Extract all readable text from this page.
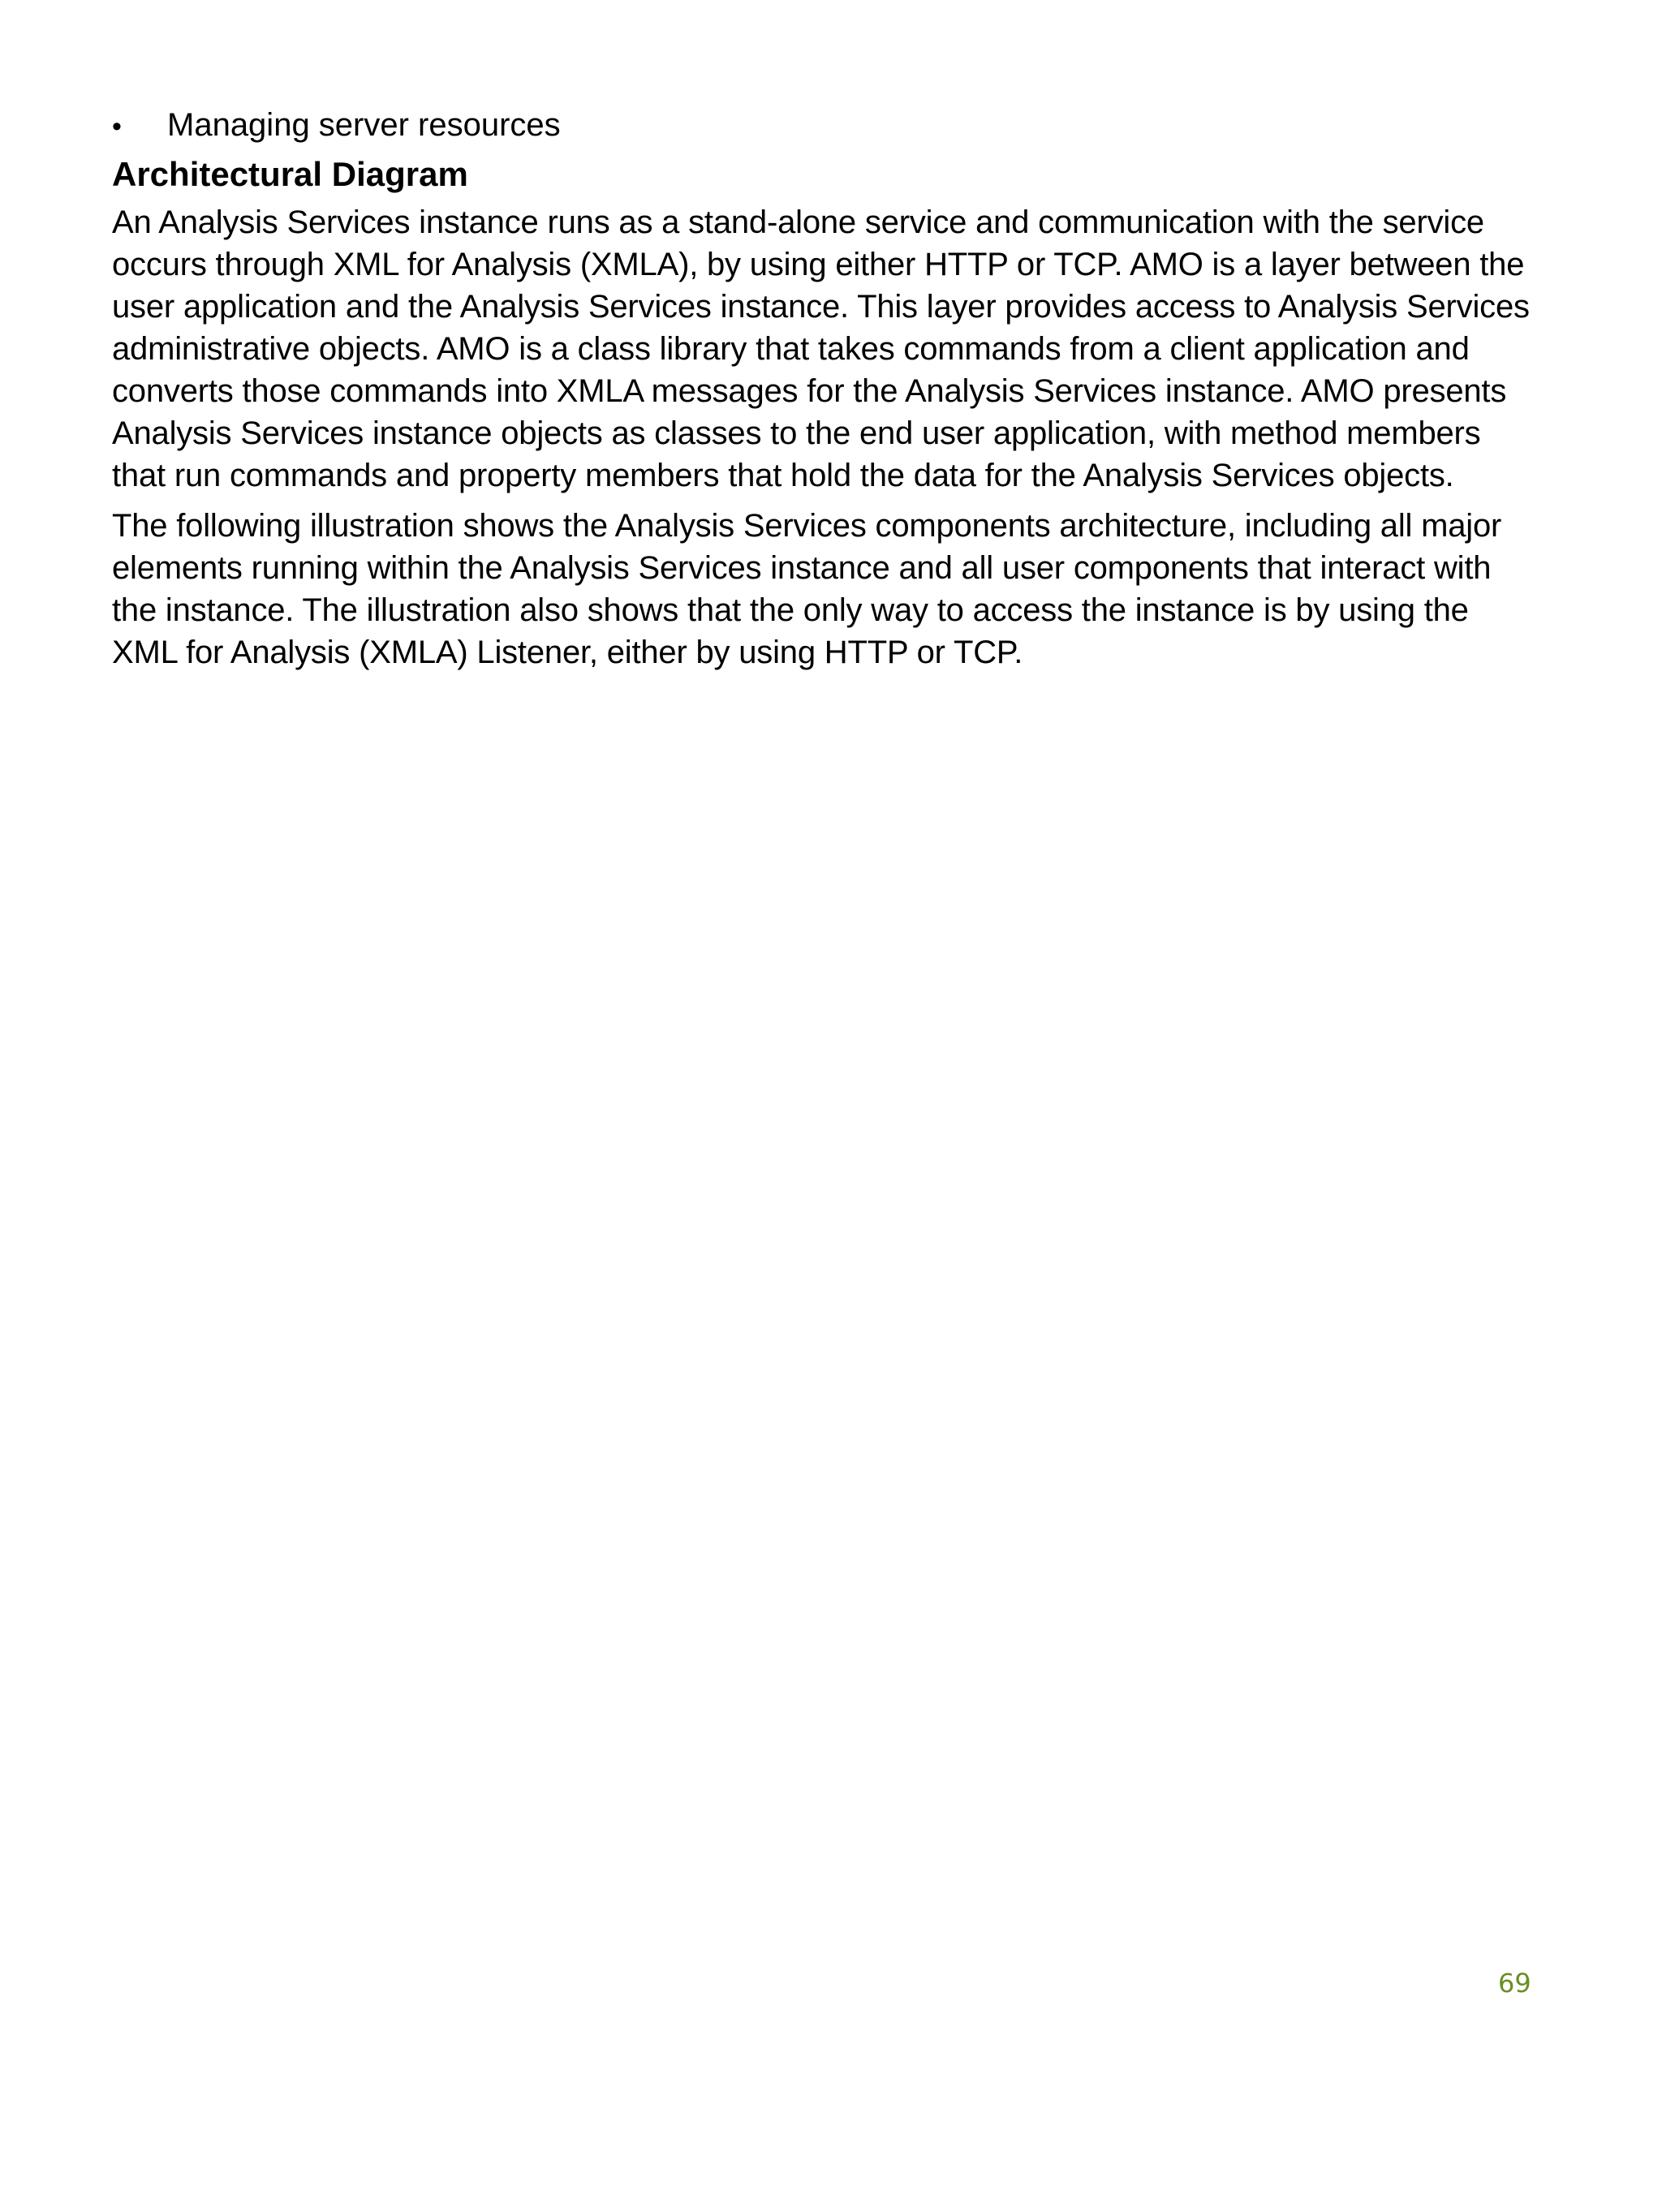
•	Managing server resources
Architectural Diagram

An Analysis Services instance runs as a stand-alone service and communication with the service occurs through XML for Analysis (XMLA), by using either HTTP or TCP. AMO is a layer between the user application and the Analysis Services instance. This layer provides access to Analysis Services administrative objects. AMO is a class library that takes commands from a client application and converts those commands into XMLA messages for the Analysis Services instance. AMO presents Analysis Services instance objects as classes to the end user application, with method members that run commands and property members that hold the data for the Analysis Services objects.

The following illustration shows the Analysis Services components architecture, including all major elements running within the Analysis Services instance and all user components that interact with the instance. The illustration also shows that the only way to access the instance is by using the XML for Analysis (XMLA) Listener, either by using HTTP or TCP.

69
